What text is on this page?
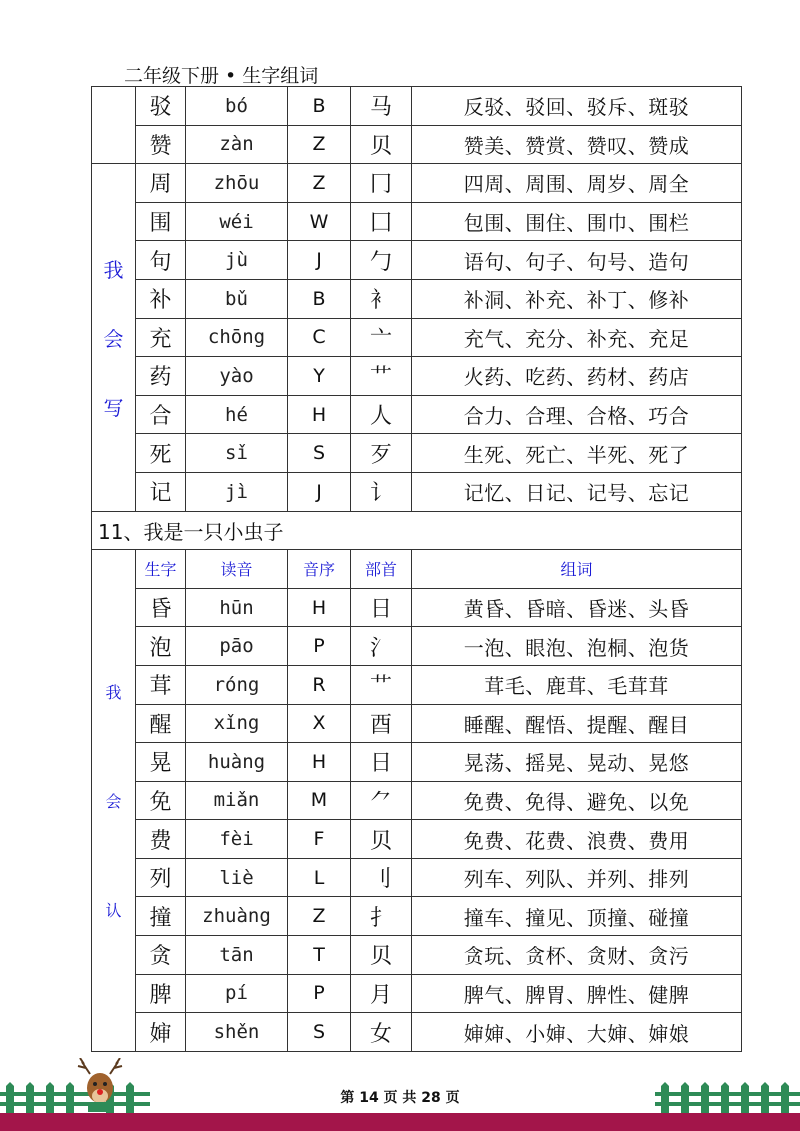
二年级下册 • 生字组词
	驳	bó	B	马	反驳、驳回、驳斥、斑驳
	赞	zàn	Z	贝	赞美、赞赏、赞叹、赞成

我
会
写	周	zhōu	Z	冂	四周、周围、周岁、周全
	围	wéi	W	囗	包围、围住、围巾、围栏
	句	jù	J	勹	语句、句子、句号、造句
	补	bǔ	B	衤	补洞、补充、补丁、修补
	充	chōng	C	亠	充气、充分、补充、充足
	药	yào	Y	艹	火药、吃药、药材、药店
	合	hé	H	人	合力、合理、合格、巧合
	死	sǐ	S	歹	生死、死亡、半死、死了
	记	jì	J	讠	记忆、日记、记号、忘记
11、我是一只小虫子					

我
会
认	生字	读音	音序	部首	组词
	昏	hūn	H	日	黄昏、昏暗、昏迷、头昏
	泡	pāo	P	氵	一泡、眼泡、泡桐、泡货
	茸	róng	R	艹	茸毛、鹿茸、毛茸茸
	醒	xǐng	X	酉	睡醒、醒悟、提醒、醒目
	晃	huàng	H	日	晃荡、摇晃、晃动、晃悠
	免	miǎn	M	⺈	免费、免得、避免、以免
	费	fèi	F	贝	免费、花费、浪费、费用
	列	liè	L	刂	列车、列队、并列、排列
	撞	zhuàng	Z	扌	撞车、撞见、顶撞、碰撞
	贪	tān	T	贝	贪玩、贪杯、贪财、贪污
	脾	pí	P	月	脾气、脾胃、脾性、健脾
	婶	shěn	S	女	婶婶、小婶、大婶、婶娘
第 14 页 共 28 页
